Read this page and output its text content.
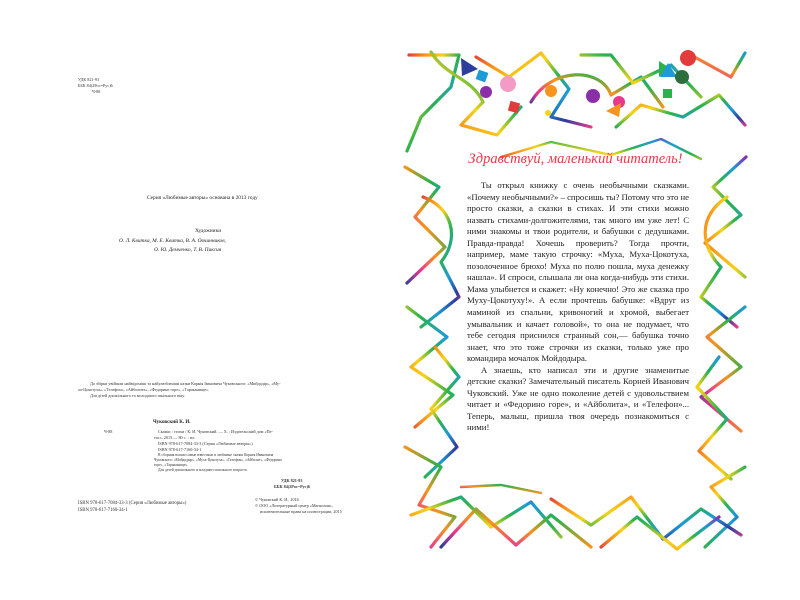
УДК 821-93
ББК 84(2Рос=Рус)6
Ч-88
Серия «Любимые авторы» основана в 2013 году
Художники
О. Л. Квитка, М. Е. Квитка, В. А. Овчинников,
О. Ю. Демченко, Т. В. Пиксия
До збірки увійшли найвідоміші та найулюбленіші казки Корнія Івановича Чуковського: «Мийдодір», «Му-
ха-Цокотуха», «Телефон», «Айболить», «Федорине горе», «Тараканище».
Для дітей дошкільного та молодшого шкільного віку.
Чуковский К. И.
Ч-88	Сказки : стихи / К. И. Чуковский. — Х. : Издательский дом «Пе-
тас», 2015.— 80 с. : ил.
ISBN 978-617-7084-33-3 (Серия «Любимые авторы»)
ISBN 978-617-7160-34-1
В сборник вошли самые известные и любимые сказки Корнея Ивановича
Чуковского: «Мойдодыр», «Муха-Цокотуха», «Телефон», «Айболит», «Федорино
горе», «Тараканище».
Для детей дошкольного и младшего школьного возраста.
УДК 821-93
ББК 84(2Рос=Рус)6
ISBN 978-617-7084-33-3 (Серия «Любимые авторы»)
ISBN 978-617-7160-34-1
© Чуковский К. И., 2016
© ООО «Литературный центр «Магнолия»,
исключительные права на иллюстрации, 2015
Здравствуй, маленький читатель!

Ты открыл книжку с очень необычными сказками. «Почему необычными?» – спросишь ты? Потому что это не просто сказки, а сказки в стихах. И эти стихи можно назвать стихами-долгожителями, так много им уже лет! С ними знакомы и твои родители, и бабушки с дедушками. Правда-правда! Хочешь проверить? Тогда прочти, например, маме такую строчку: «Муха, Муха-Цокотуха, позолоченное брюхо! Муха по полю пошла, муха денежку нашла». И спроси, слышала ли она когда-нибудь эти стихи. Мама улыбнется и скажет: «Ну конечно! Это же сказка про Муху-Цокотуху!». А если прочтешь бабушке: «Вдруг из маминой из спальни, кривоногий и хромой, выбегает умывальник и качает головой», то она не подумает, что тебе сегодня приснился странный сон,— бабушка точно знает, что это тоже строчки из сказки, только уже про командира мочалок Мойдодыра.

А знаешь, кто написал эти и другие знаменитые детские сказки? Замечательный писатель Корней Иванович Чуковский. Уже не одно поколение детей с удовольствием читает и «Федорино горе», и «Айболита», и «Телефон»... Теперь, малыш, пришла твоя очередь познакомиться с ними!
